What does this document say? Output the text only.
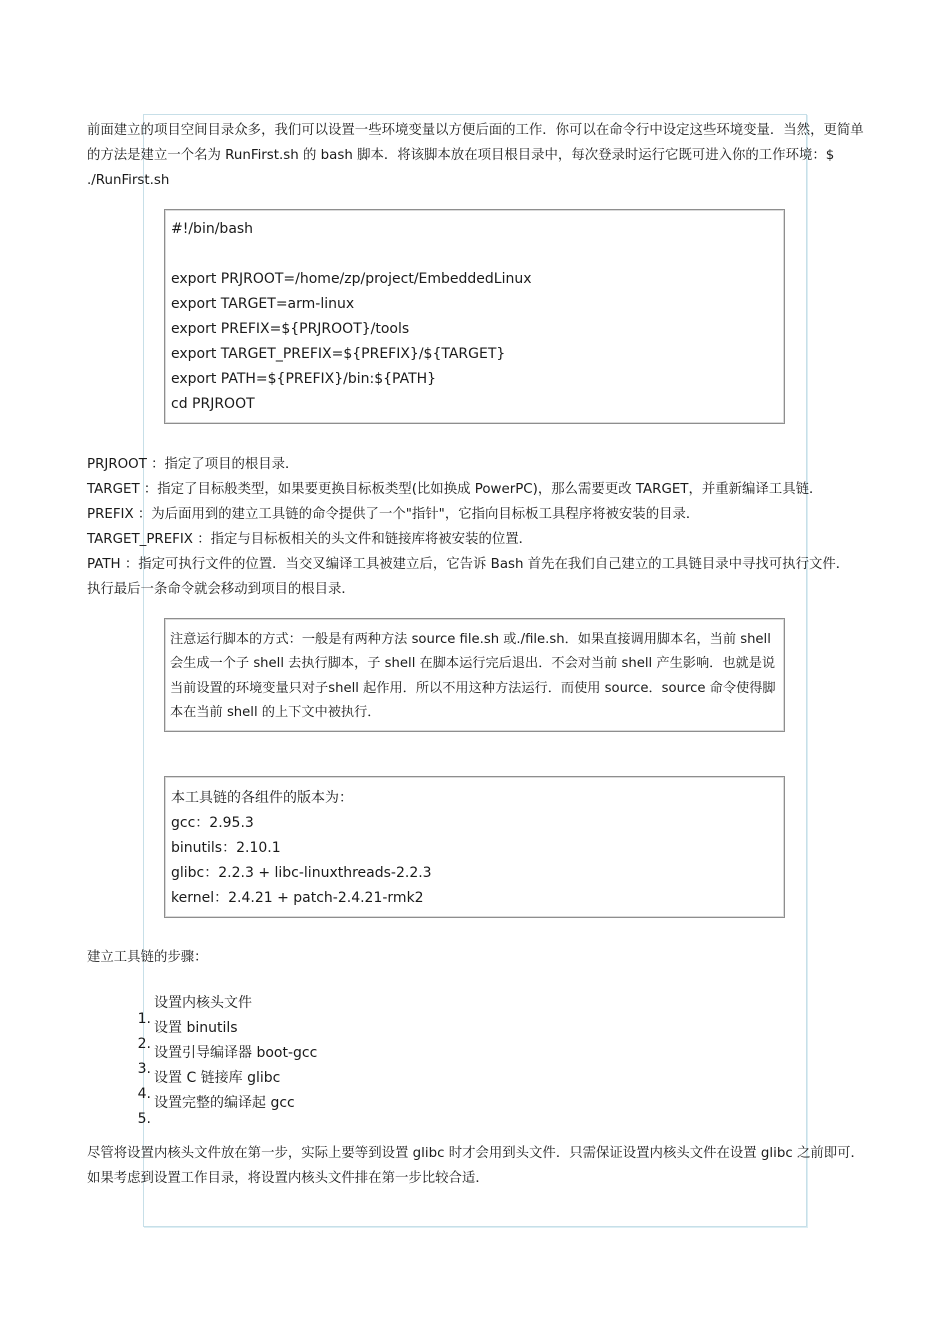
前面建立的项目空间目录众多，我们可以设置一些环境变量以方便后面的工作．你可以在命令行中设定这些环境变量．当然，更简单的方法是建立一个名为 RunFirst.sh 的 bash 脚本．将该脚本放在项目根目录中，每次登录时运行它既可进入你的工作环境：$ ./RunFirst.sh

#!/bin/bash
export PRJROOT=/home/zp/project/EmbeddedLinux
export TARGET=arm-linux
export PREFIX=${PRJROOT}/tools
export TARGET_PREFIX=${PREFIX}/${TARGET}
export PATH=${PREFIX}/bin:${PATH}
cd PRJROOT

PRJROOT ：指定了项目的根目录．

TARGET ：指定了目标般类型，如果要更换目标板类型(比如换成 PowerPC)，那么需要更改 TARGET，并重新编译工具链．

PREFIX ：为后面用到的建立工具链的命令提供了一个"指针"，它指向目标板工具程序将被安装的目录．

TARGET_PREFIX ：指定与目标板相关的头文件和链接库将被安装的位置．

PATH ：指定可执行文件的位置．当交叉编译工具被建立后，它告诉 Bash 首先在我们自己建立的工具链目录中寻找可执行文件．

执行最后一条命令就会移动到项目的根目录．

注意运行脚本的方式：一般是有两种方法 source file.sh 或./file.sh．如果直接调用脚本名，当前 shell 会生成一个子 shell 去执行脚本，子 shell 在脚本运行完后退出．不会对当前 shell 产生影响．也就是说当前设置的环境变量只对子shell 起作用．所以不用这种方法运行．而使用 source．source 命令使得脚本在当前 shell 的上下文中被执行．

本工具链的各组件的版本为：
gcc：2.95.3
binutils：2.10.1
glibc：2.2.3 + libc-linuxthreads-2.2.3
kernel：2.4.21 + patch-2.4.21-rmk2
建立工具链的步骤：
1.
设置内核头文件
2.
设置 binutils
3.
设置引导编译器 boot-gcc
4.
设置 C 链接库 glibc
5.
设置完整的编译起 gcc

尽管将设置内核头文件放在第一步，实际上要等到设置 glibc 时才会用到头文件．只需保证设置内核头文件在设置 glibc 之前即可．如果考虑到设置工作目录，将设置内核头文件排在第一步比较合适．
